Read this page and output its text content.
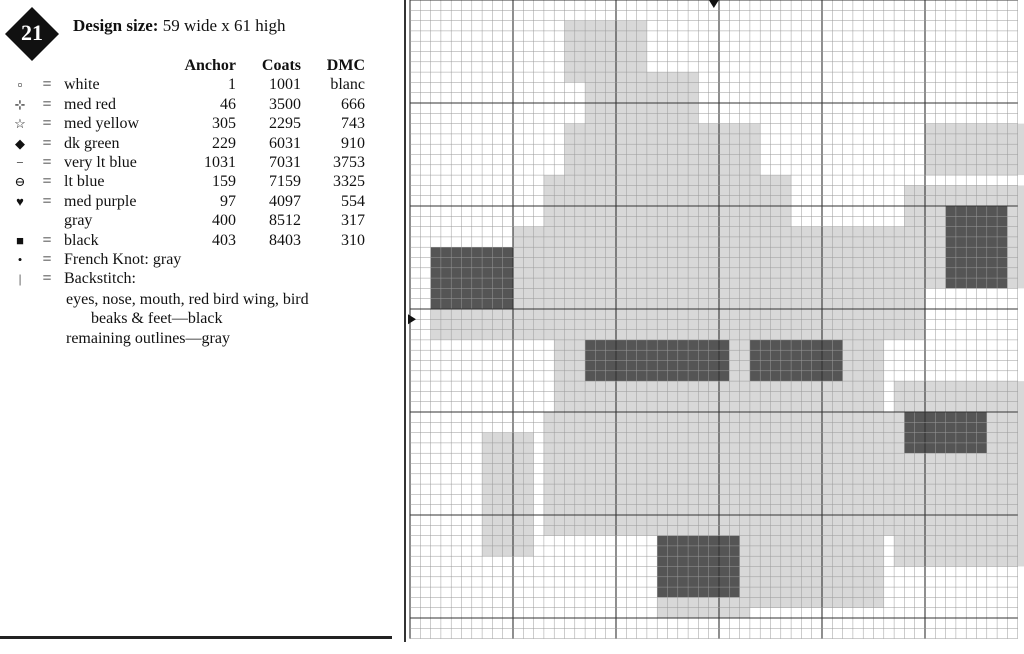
21 Design size: 59 wide x 61 high
			Anchor	Coats	DMC
▫	=	white	1	1001	blanc
⊹	=	med red	46	3500	666
☆	=	med yellow	305	2295	743
◆	=	dk green	229	6031	910
−	=	very lt blue	1031	7031	3753
⊖	=	lt blue	159	7159	3325
♥	=	med purple	97	4097	554
		gray	400	8512	317
■	=	black	403	8403	310
•	=	French Knot: gray			
|	=	Backstitch:			
eyes, nose, mouth, red bird wing, bird
beaks & feet—black
remaining outlines—gray
